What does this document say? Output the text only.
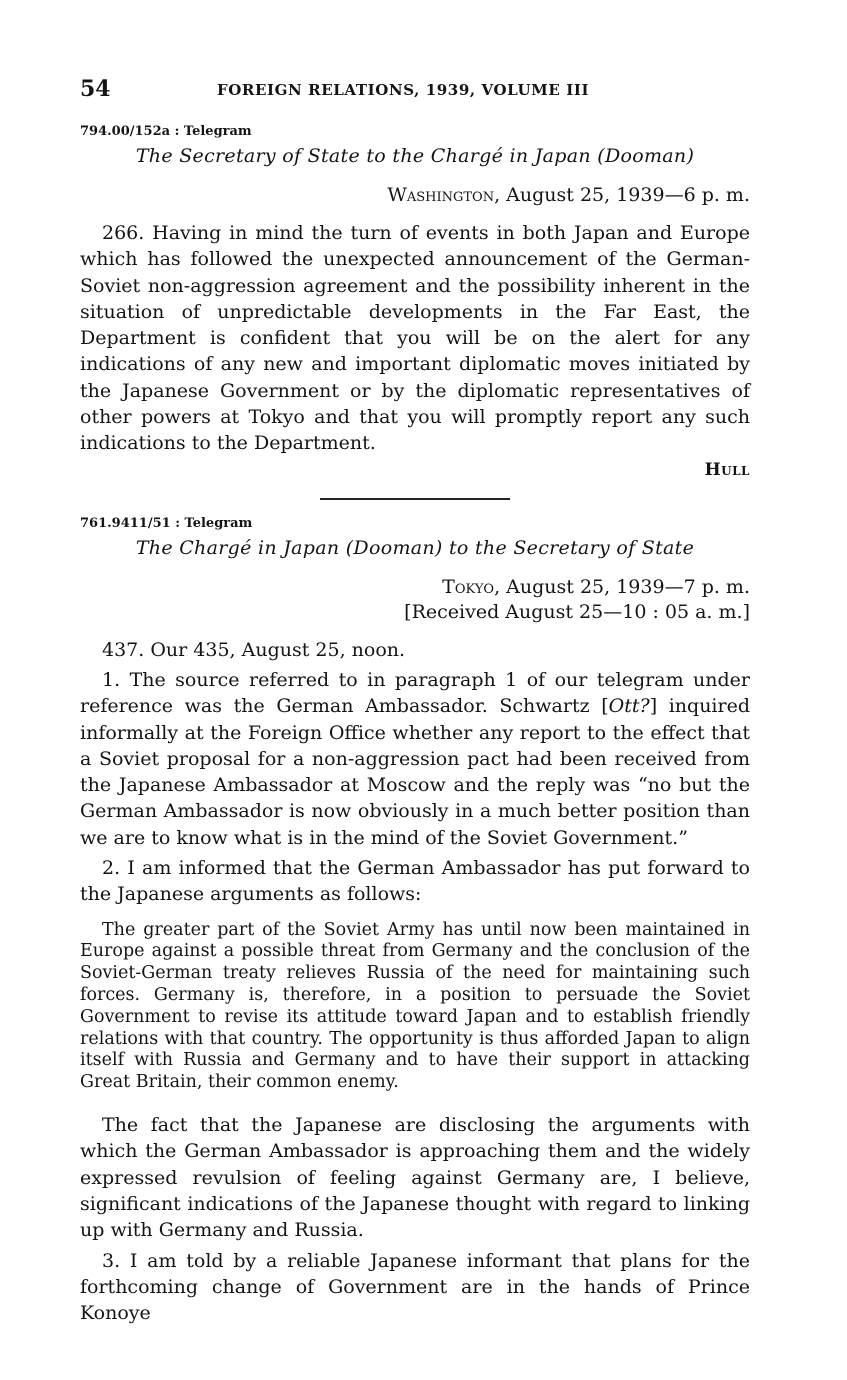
54	FOREIGN RELATIONS, 1939, VOLUME III
794.00/152a : Telegram
The Secretary of State to the Chargé in Japan (Dooman)
Washington, August 25, 1939—6 p. m.

266. Having in mind the turn of events in both Japan and Europe which has followed the unexpected announcement of the German-Soviet non-aggression agreement and the possibility inherent in the situation of unpredictable developments in the Far East, the Department is confident that you will be on the alert for any indications of any new and important diplomatic moves initiated by the Japanese Government or by the diplomatic representatives of other powers at Tokyo and that you will promptly report any such indications to the Department.

Hull
761.9411/51 : Telegram
The Chargé in Japan (Dooman) to the Secretary of State
Tokyo, August 25, 1939—7 p. m.
[Received August 25—10 : 05 a. m.]

437. Our 435, August 25, noon.

1. The source referred to in paragraph 1 of our telegram under reference was the German Ambassador. Schwartz [Ott?] inquired informally at the Foreign Office whether any report to the effect that a Soviet proposal for a non-aggression pact had been received from the Japanese Ambassador at Moscow and the reply was “no but the German Ambassador is now obviously in a much better position than we are to know what is in the mind of the Soviet Government.”

2. I am informed that the German Ambassador has put forward to the Japanese arguments as follows:

The greater part of the Soviet Army has until now been maintained in Europe against a possible threat from Germany and the conclusion of the Soviet-German treaty relieves Russia of the need for maintaining such forces. Germany is, therefore, in a position to persuade the Soviet Government to revise its attitude toward Japan and to establish friendly relations with that country. The opportunity is thus afforded Japan to align itself with Russia and Germany and to have their support in attacking Great Britain, their common enemy.

The fact that the Japanese are disclosing the arguments with which the German Ambassador is approaching them and the widely expressed revulsion of feeling against Germany are, I believe, significant indications of the Japanese thought with regard to linking up with Germany and Russia.

3. I am told by a reliable Japanese informant that plans for the forthcoming change of Government are in the hands of Prince Konoye
